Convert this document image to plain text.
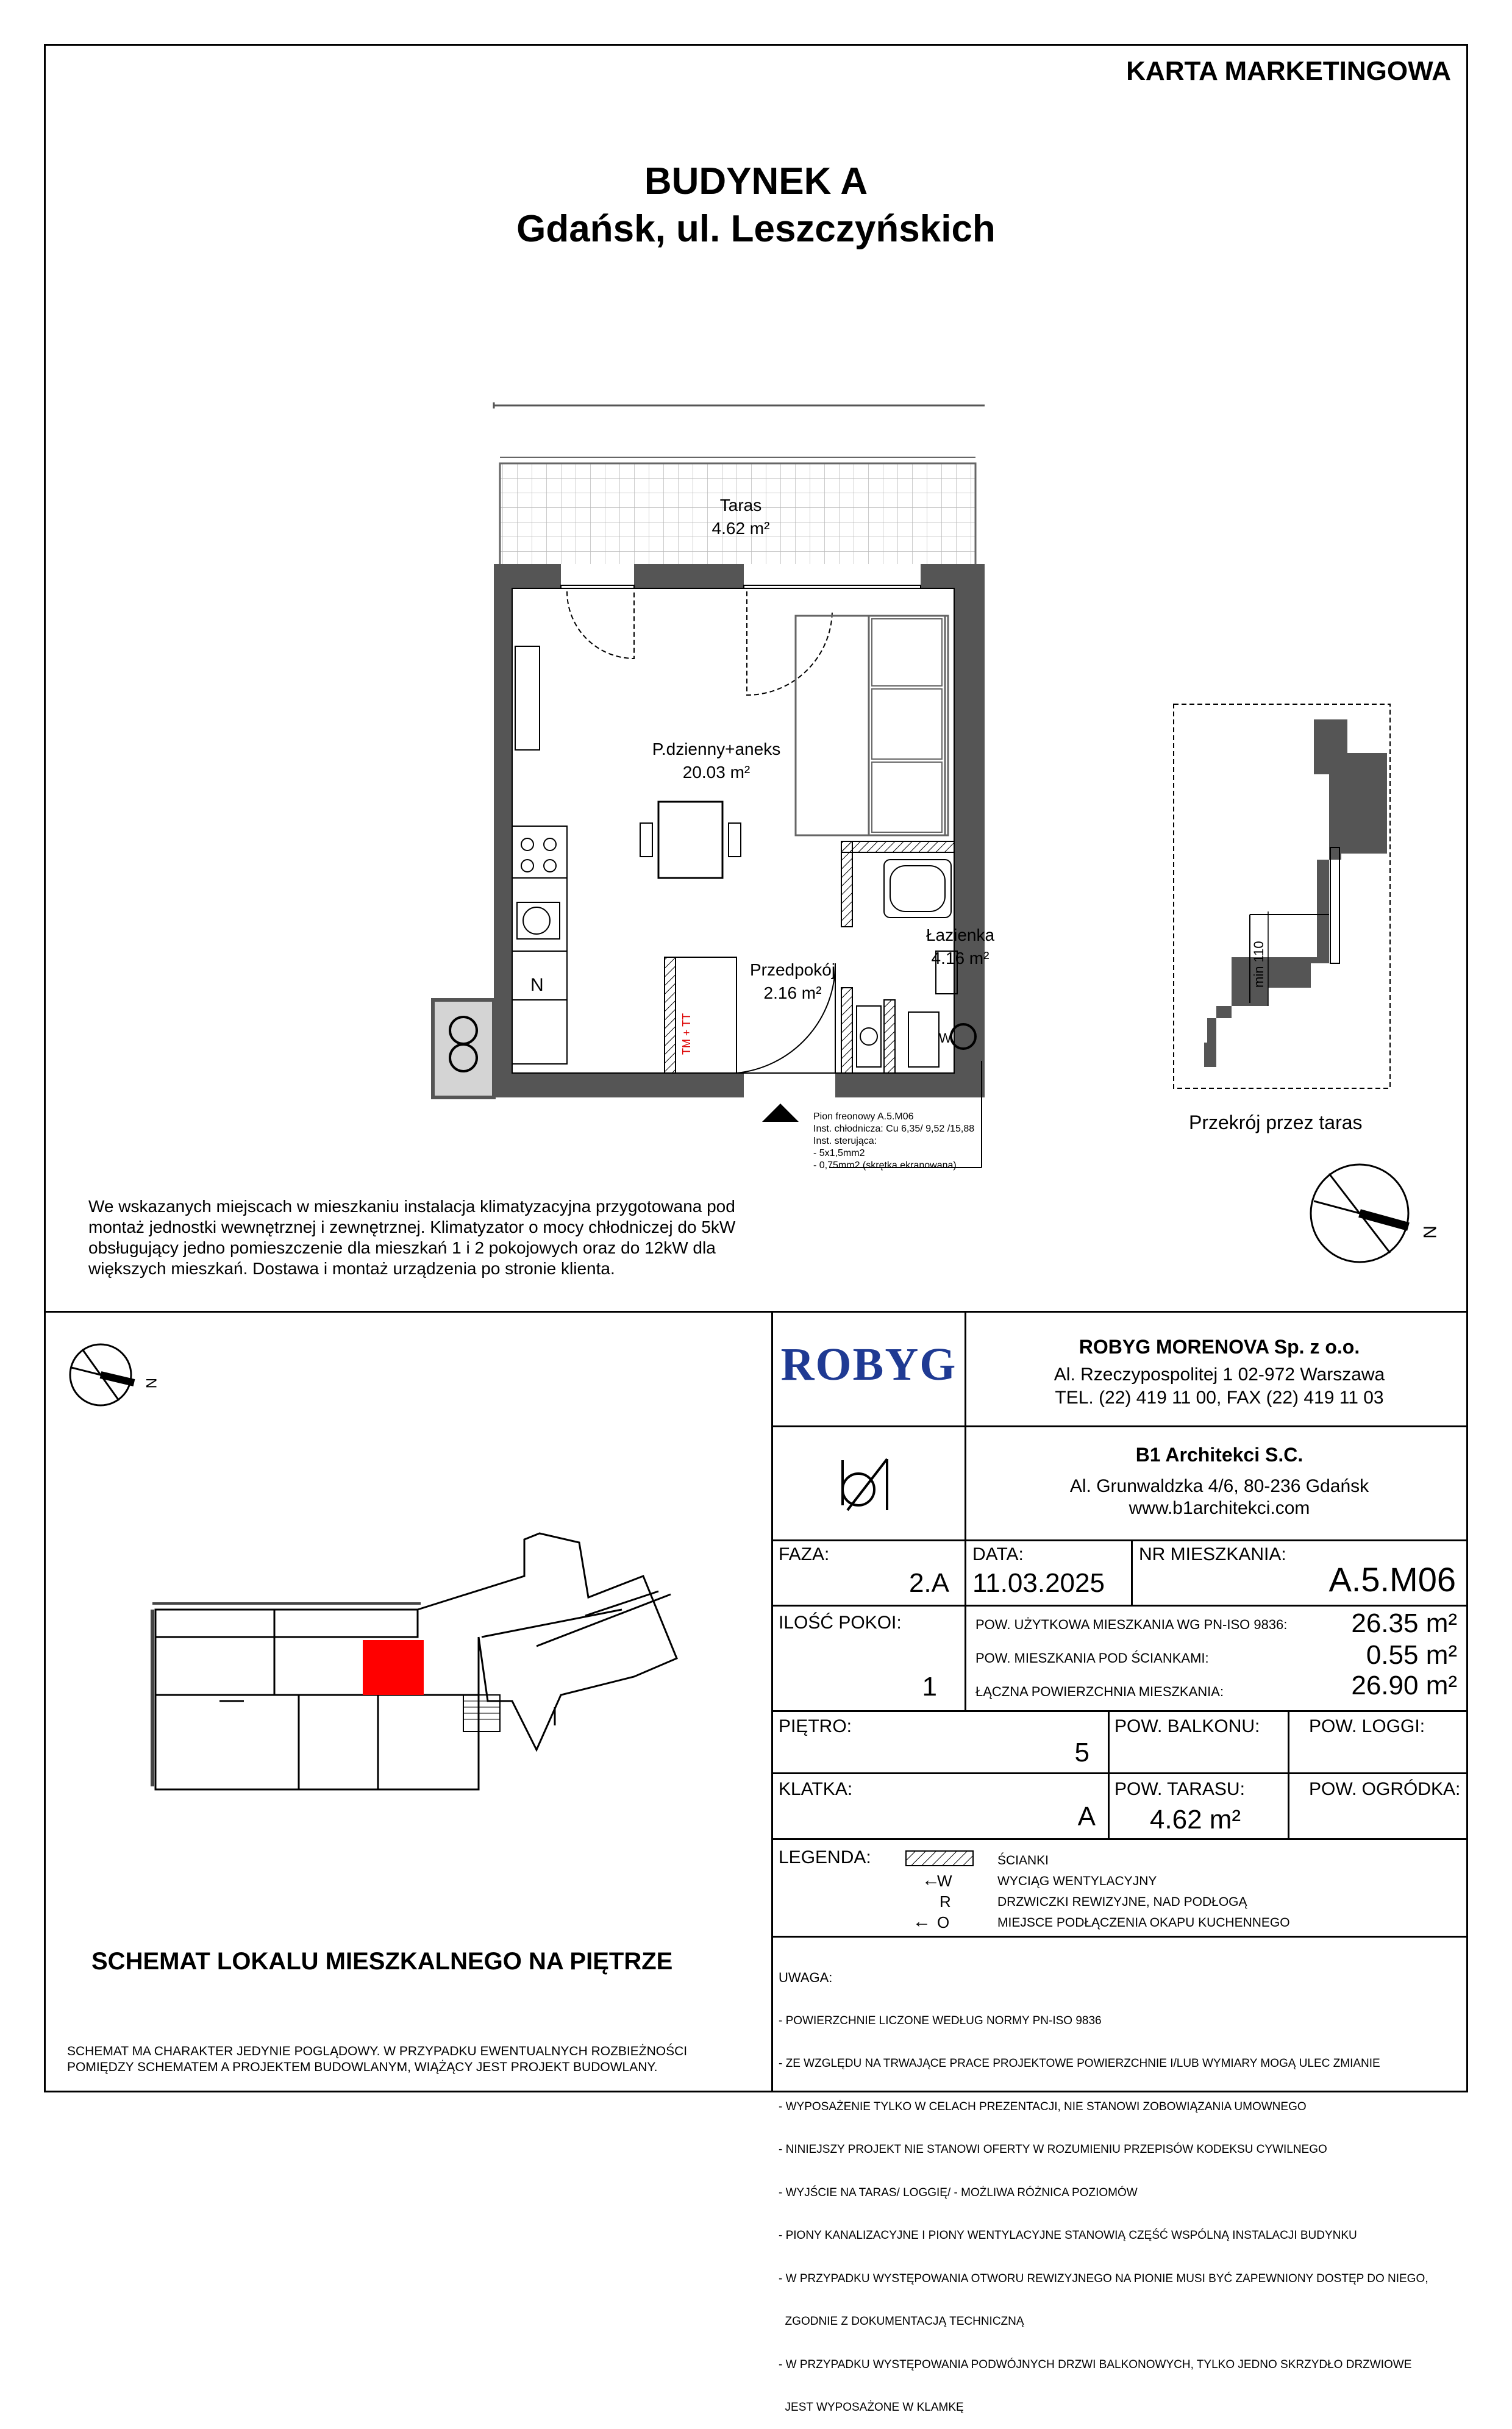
KARTA MARKETINGOWA
BUDYNEK A
Gdańsk, ul. Leszczyńskich
N
TM + TT	W
Taras
4.62 m²
P.dzienny+aneks
20.03 m²
Łazienka
4.16 m²
Przedpokój
2.16 m²
Pion freonowy A.5.M06
Inst. chłodnicza: Cu 6,35/ 9,52 /15,88
Inst. sterująca:
- 5x1,5mm2
- 0,75mm2 (skrętka ekranowana)
min 110
Przekrój przez taras
N
We wskazanych miejscach w mieszkaniu instalacja klimatyzacyjna przygotowana pod
montaż jednostki wewnętrznej i zewnętrznej. Klimatyzator o mocy chłodniczej do 5kW
obsługujący jedno pomieszczenie dla mieszkań 1 i 2 pokojowych oraz do 12kW dla
większych mieszkań. Dostawa i montaż urządzenia po stronie klienta.
N
SCHEMAT LOKALU MIESZKALNEGO NA PIĘTRZE
SCHEMAT MA CHARAKTER JEDYNIE POGLĄDOWY. W PRZYPADKU EWENTUALNYCH ROZBIEŻNOŚCI
POMIĘDZY SCHEMATEM A PROJEKTEM BUDOWLANYM, WIĄŻĄCY JEST PROJEKT BUDOWLANY.
ROBYG	ROBYG MORENOVA Sp. z o.o.
Al. Rzeczypospolitej 1 02-972 Warszawa
TEL. (22) 419 11 00, FAX (22) 419 11 03
B1 Architekci S.C.
Al. Grunwaldzka 4/6, 80-236 Gdańsk
www.b1architekci.com
FAZA:
2.A
DATA:
11.03.2025
NR MIESZKANIA:
A.5.M06
ILOŚĆ POKOI:
1
POW. UŻYTKOWA MIESZKANIA WG PN-ISO 9836:	26.35 m²
POW. MIESZKANIA POD ŚCIANKAMI:	0.55 m²
ŁĄCZNA POWIERZCHNIA MIESZKANIA:	26.90 m²
PIĘTRO:
5
POW. BALKONU:	POW. LOGGI:
KLATKA:
A
POW. TARASU:
4.62 m²
POW. OGRÓDKA:
LEGENDA:	ŚCIANKI
←
W	WYCIĄG WENTYLACYJNY
R	DRZWICZKI REWIZYJNE, NAD PODŁOGĄ
← O	MIEJSCE PODŁĄCZENIA OKAPU KUCHENNEGO

UWAGA:

- POWIERZCHNIE LICZONE WEDŁUG NORMY PN-ISO 9836

- ZE WZGLĘDU NA TRWAJĄCE PRACE PROJEKTOWE POWIERZCHNIE I/LUB WYMIARY MOGĄ ULEC ZMIANIE

- WYPOSAŻENIE TYLKO W CELACH PREZENTACJI, NIE STANOWI ZOBOWIĄZANIA UMOWNEGO

- NINIEJSZY PROJEKT NIE STANOWI OFERTY W ROZUMIENIU PRZEPISÓW KODEKSU CYWILNEGO

- WYJŚCIE NA TARAS/ LOGGIĘ/ - MOŻLIWA RÓŻNICA POZIOMÓW

- PIONY KANALIZACYJNE I PIONY WENTYLACYJNE STANOWIĄ CZĘŚĆ WSPÓLNĄ INSTALACJI BUDYNKU

- W PRZYPADKU WYSTĘPOWANIA OTWORU REWIZYJNEGO NA PIONIE MUSI BYĆ ZAPEWNIONY DOSTĘP DO NIEGO,

ZGODNIE Z DOKUMENTACJĄ TECHNICZNĄ

- W PRZYPADKU WYSTĘPOWANIA PODWÓJNYCH DRZWI BALKONOWYCH, TYLKO JEDNO SKRZYDŁO DRZWIOWE

JEST WYPOSAŻONE W KLAMKĘ
